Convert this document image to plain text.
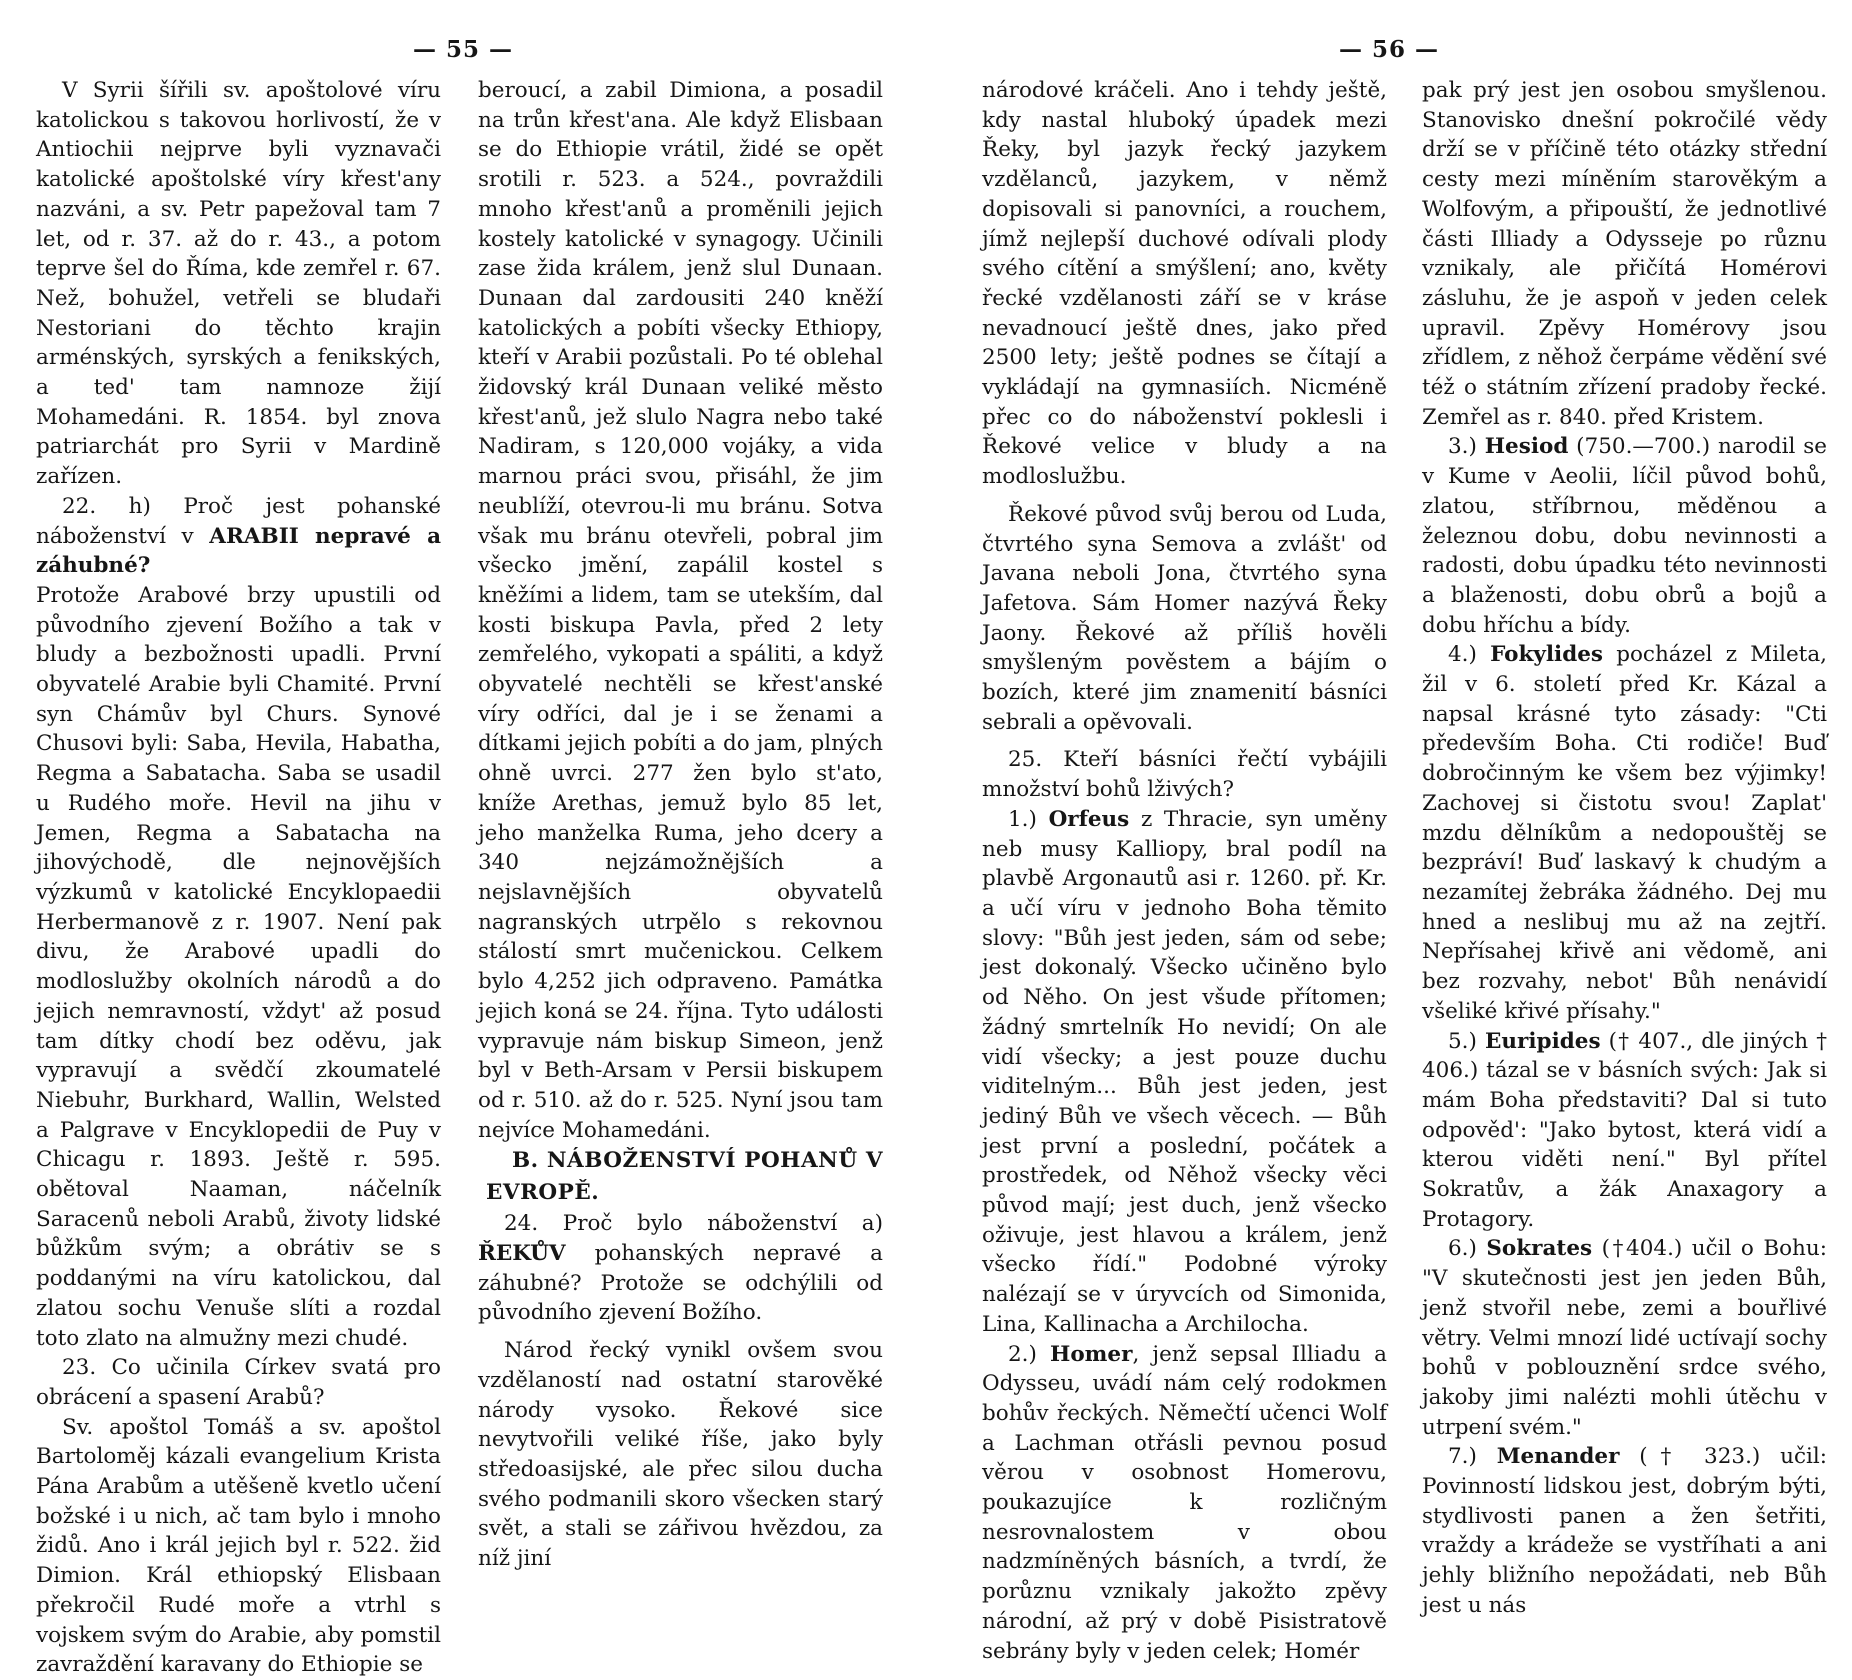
— 55 —

V Syrii šířili sv. apoštolové víru katolickou s takovou horlivostí, že v Antiochii nejprve byli vyznavači katolické apoštolské víry křest'any nazváni, a sv. Petr papežoval tam 7 let, od r. 37. až do r. 43., a potom teprve šel do Říma, kde zemřel r. 67. Než, bohužel, vetřeli se bludaři Nestoriani do těchto krajin arménských, syrských a fenikských, a ted' tam namnoze žijí Mohamedáni. R. 1854. byl znova patriarchát pro Syrii v Mardině zařízen.

22. h) Proč jest pohanské náboženství v ARABII nepravé a záhubné?

Protože Arabové brzy upustili od původního zjevení Božího a tak v bludy a bezbožnosti upadli. První obyvatelé Arabie byli Chamité. První syn Chámův byl Churs. Synové Chusovi byli: Saba, Hevila, Habatha, Regma a Sabatacha. Saba se usadil u Rudého moře. Hevil na jihu v Jemen, Regma a Sabatacha na jihovýchodě, dle nejnovějších výzkumů v katolické Encyklopaedii Herbermanově z r. 1907. Není pak divu, že Arabové upadli do modloslužby okolních národů a do jejich nemravností, vždyt' až posud tam dítky chodí bez oděvu, jak vypravují a svědčí zkoumatelé Niebuhr, Burkhard, Wallin, Welsted a Palgrave v Encyklopedii de Puy v Chicagu r. 1893. Ještě r. 595. obětoval Naaman, náčelník Saracenů neboli Arabů, životy lidské bůžkům svým; a obrátiv se s poddanými na víru katolickou, dal zlatou sochu Venuše slíti a rozdal toto zlato na almužny mezi chudé.

23. Co učinila Církev svatá pro obrácení a spasení Arabů?

Sv. apoštol Tomáš a sv. apoštol Bartoloměj kázali evangelium Krista Pána Arabům a utěšeně kvetlo učení božské i u nich, ač tam bylo i mnoho židů. Ano i král jejich byl r. 522. žid Dimion. Král ethiopský Elisbaan překročil Rudé moře a vtrhl s vojskem svým do Arabie, aby pomstil zavraždění karavany do Ethiopie se

beroucí, a zabil Dimiona, a posadil na trůn křest'ana. Ale když Elisbaan se do Ethiopie vrátil, židé se opět srotili r. 523. a 524., povraždili mnoho křest'anů a proměnili jejich kostely katolické v synagogy. Učinili zase žida králem, jenž slul Dunaan. Dunaan dal zardousiti 240 kněží katolických a pobíti všecky Ethiopy, kteří v Arabii pozůstali. Po té oblehal židovský král Dunaan veliké město křest'anů, jež slulo Nagra nebo také Nadiram, s 120,000 vojáky, a vida marnou práci svou, přisáhl, že jim neublíží, otevrou-li mu bránu. Sotva však mu bránu otevřeli, pobral jim všecko jmění, zapálil kostel s kněžími a lidem, tam se utekším, dal kosti biskupa Pavla, před 2 lety zemřelého, vykopati a spáliti, a když obyvatelé nechtěli se křest'anské víry odříci, dal je i se ženami a dítkami jejich pobíti a do jam, plných ohně uvrci. 277 žen bylo st'ato, kníže Arethas, jemuž bylo 85 let, jeho manželka Ruma, jeho dcery a 340 nejzámožnějších a nejslavnějších obyvatelů nagranských utrpělo s rekovnou stálostí smrt mučenickou. Celkem bylo 4,252 jich odpraveno. Památka jejich koná se 24. října. Tyto události vypravuje nám biskup Simeon, jenž byl v Beth-Arsam v Persii biskupem od r. 510. až do r. 525. Nyní jsou tam nejvíce Mohamedáni.

B. NÁBOŽENSTVÍ POHANŮ V EVROPĚ.

24. Proč bylo náboženství a) ŘEKŮV pohanských nepravé a záhubné? Protože se odchýlili od původního zjevení Božího.

Národ řecký vynikl ovšem svou vzdělaností nad ostatní starověké národy vysoko. Řekové sice nevytvořili veliké říše, jako byly středoasijské, ale přec silou ducha svého podmanili skoro všecken starý svět, a stali se zářivou hvězdou, za níž jiní

— 56 —

národové kráčeli. Ano i tehdy ještě, kdy nastal hluboký úpadek mezi Řeky, byl jazyk řecký jazykem vzdělanců, jazykem, v němž dopisovali si panovníci, a rouchem, jímž nejlepší duchové odívali plody svého cítění a smýšlení; ano, květy řecké vzdělanosti září se v kráse nevadnoucí ještě dnes, jako před 2500 lety; ještě podnes se čítají a vykládají na gymnasiích. Nicméně přec co do náboženství poklesli i Řekové velice v bludy a na modloslužbu.

Řekové původ svůj berou od Luda, čtvrtého syna Semova a zvlášt' od Javana neboli Jona, čtvrtého syna Jafetova. Sám Homer nazývá Řeky Jaony. Řekové až příliš hověli smyšleným pověstem a bájím o bozích, které jim znamenití básníci sebrali a opěvovali.

25. Kteří básníci řečtí vybájili množství bohů lživých?

1.) Orfeus z Thracie, syn uměny neb musy Kalliopy, bral podíl na plavbě Argonautů asi r. 1260. př. Kr. a učí víru v jednoho Boha těmito slovy: "Bůh jest jeden, sám od sebe; jest dokonalý. Všecko učiněno bylo od Něho. On jest všude přítomen; žádný smrtelník Ho nevidí; On ale vidí všecky; a jest pouze duchu viditelným... Bůh jest jeden, jest jediný Bůh ve všech věcech. — Bůh jest první a poslední, počátek a prostředek, od Něhož všecky věci původ mají; jest duch, jenž všecko oživuje, jest hlavou a králem, jenž všecko řídí." Podobné výroky nalézají se v úryvcích od Simonida, Lina, Kallinacha a Archilocha.

2.) Homer, jenž sepsal Illiadu a Odysseu, uvádí nám celý rodokmen bohův řeckých. Němečtí učenci Wolf a Lachman otřásli pevnou posud věrou v osobnost Homerovu, poukazujíce k rozličným nesrovnalostem v obou nadzmíněných básních, a tvrdí, že porůznu vznikaly jakožto zpěvy národní, až prý v době Pisistratově sebrány byly v jeden celek; Homér

pak prý jest jen osobou smyšlenou. Stanovisko dnešní pokročilé vědy drží se v příčině této otázky střední cesty mezi míněním starověkým a Wolfovým, a připouští, že jednotlivé části Illiady a Odysseje po různu vznikaly, ale přičítá Homérovi zásluhu, že je aspoň v jeden celek upravil. Zpěvy Homérovy jsou zřídlem, z něhož čerpáme vědění své též o státním zřízení pradoby řecké. Zemřel as r. 840. před Kristem.

3.) Hesiod (750.—700.) narodil se v Kume v Aeolii, líčil původ bohů, zlatou, stříbrnou, měděnou a železnou dobu, dobu nevinnosti a radosti, dobu úpadku této nevinnosti a blaženosti, dobu obrů a bojů a dobu hříchu a bídy.

4.) Fokylides pocházel z Mileta, žil v 6. století před Kr. Kázal a napsal krásné tyto zásady: "Cti především Boha. Cti rodiče! Buď dobročinným ke všem bez výjimky! Zachovej si čistotu svou! Zaplat' mzdu dělníkům a nedopouštěj se bezpráví! Buď laskavý k chudým a nezamítej žebráka žádného. Dej mu hned a neslibuj mu až na zejtří. Nepřísahej křivě ani vědomě, ani bez rozvahy, nebot' Bůh nenávidí všeliké křivé přísahy."

5.) Euripides († 407., dle jiných † 406.) tázal se v básních svých: Jak si mám Boha představiti? Dal si tuto odpověd': "Jako bytost, která vidí a kterou viděti není." Byl přítel Sokratův, a žák Anaxagory a Protagory.

6.) Sokrates (†404.) učil o Bohu: "V skutečnosti jest jen jeden Bůh, jenž stvořil nebe, zemi a bouřlivé větry. Velmi mnozí lidé uctívají sochy bohů v poblouznění srdce svého, jakoby jimi nalézti mohli útěchu v utrpení svém."

7.) Menander († 323.) učil: Povinností lidskou jest, dobrým býti, stydlivosti panen a žen šetřiti, vraždy a krádeže se vystříhati a ani jehly bližního nepožádati, neb Bůh jest u nás
